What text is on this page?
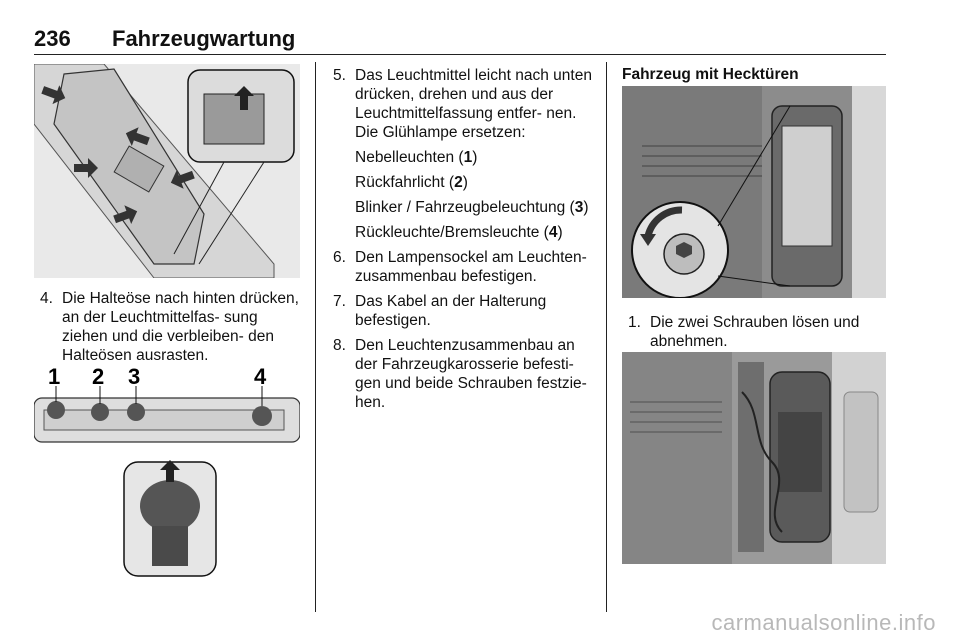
236 Fahrzeugwartung
4. Die Halteöse nach hinten drücken, an der Leuchtmittelfas- sung ziehen und die verbleiben- den Halteösen ausrasten.
1 2 3	4
5. Das Leuchtmittel leicht nach unten drücken, drehen und aus der Leuchtmittelfassung entfer- nen. Die Glühlampe ersetzen:
Nebelleuchten (1)
Rückfahrlicht (2)
Blinker / Fahrzeugbeleuchtung (3)
Rückleuchte/Bremsleuchte (4)
6. Den Lampensockel am Leuchten- zusammenbau befestigen.
7. Das Kabel an der Halterung befestigen.
8. Den Leuchtenzusammenbau an der Fahrzeugkarosserie befesti- gen und beide Schrauben festzie- hen.
Fahrzeug mit Hecktüren
1. Die zwei Schrauben lösen und abnehmen.
carmanualsonline.info
